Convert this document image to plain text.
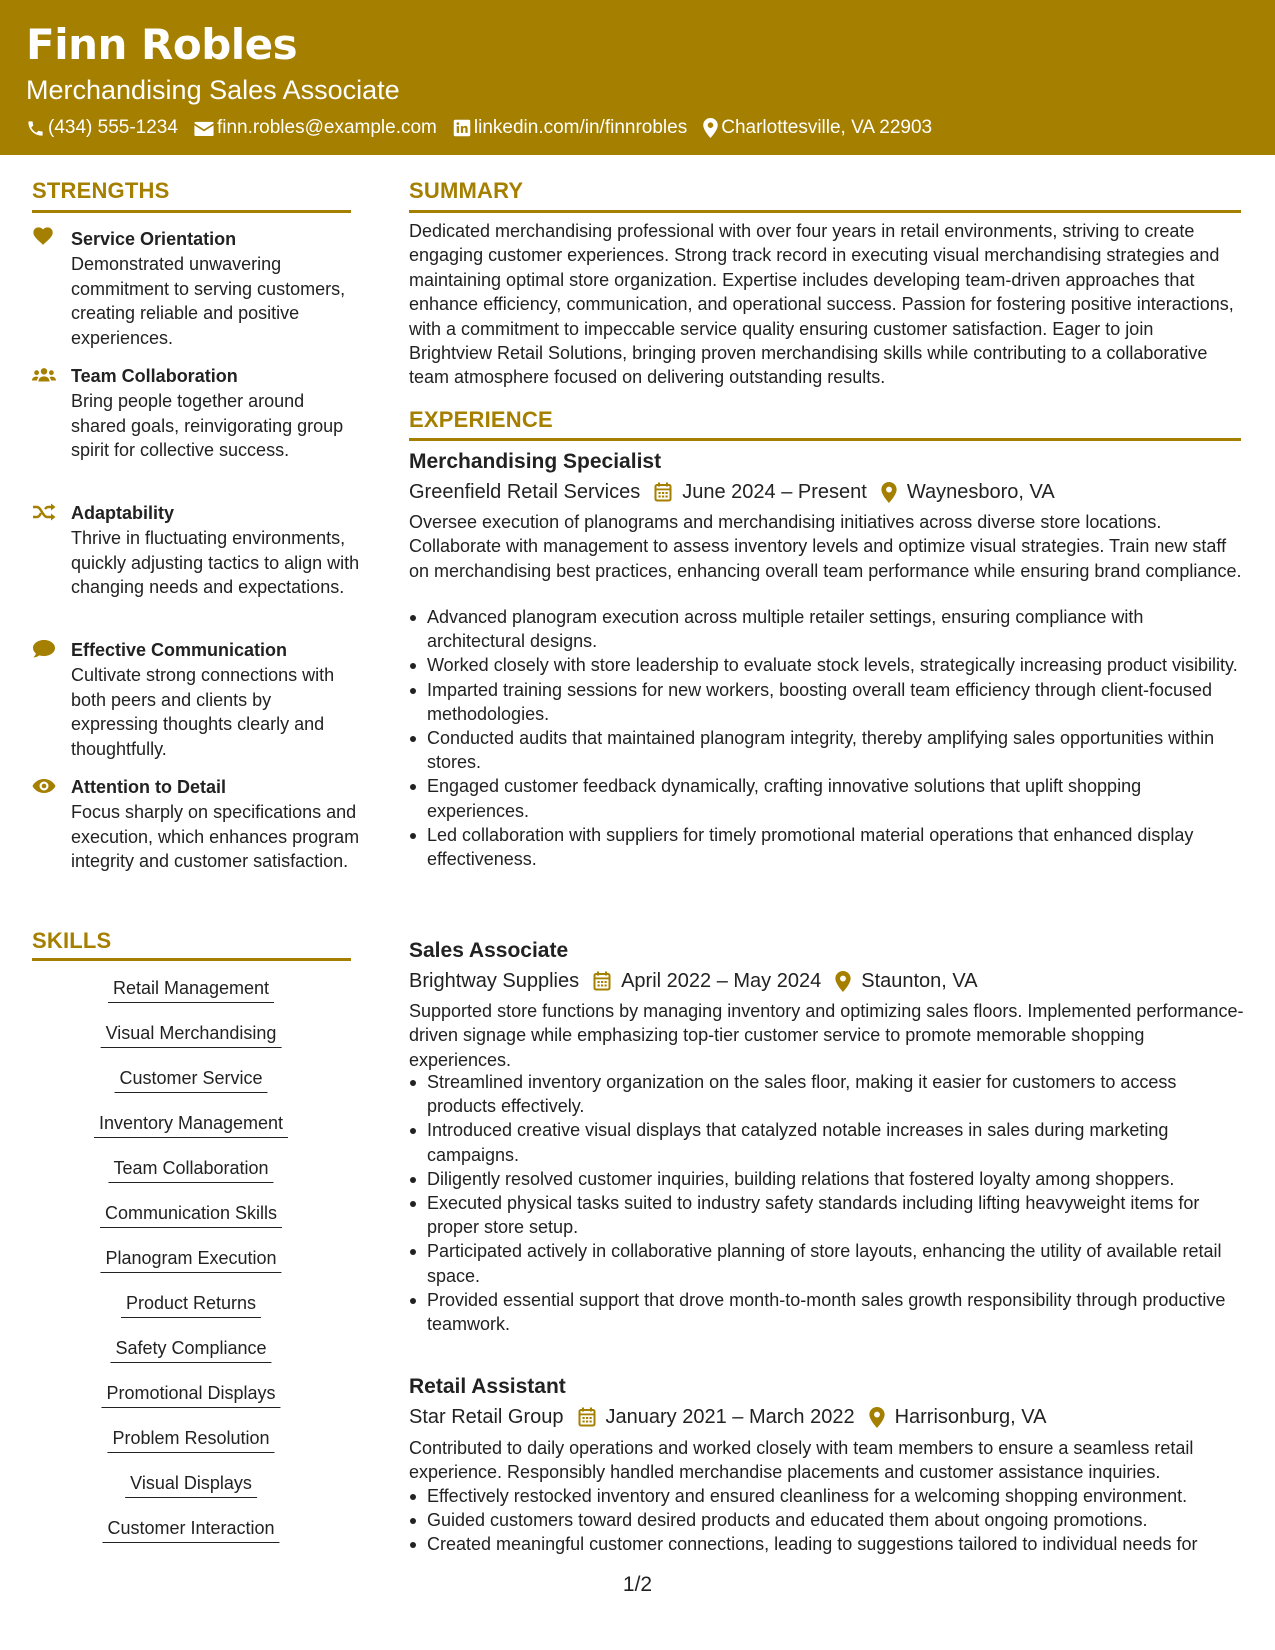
Finn Robles
Merchandising Sales Associate
(434) 555-1234 finn.robles@example.com linkedin.com/in/finnrobles Charlottesville, VA 22903
STRENGTHS
Service Orientation
Demonstrated unwavering commitment to serving customers, creating reliable and positive experiences.
Team Collaboration
Bring people together around shared goals, reinvigorating group spirit for collective success.
Adaptability
Thrive in fluctuating environments, quickly adjusting tactics to align with changing needs and expectations.
Effective Communication
Cultivate strong connections with both peers and clients by expressing thoughts clearly and thoughtfully.
Attention to Detail
Focus sharply on specifications and execution, which enhances program integrity and customer satisfaction.
SKILLS
Retail Management
Visual Merchandising
Customer Service
Inventory Management
Team Collaboration
Communication Skills
Planogram Execution
Product Returns
Safety Compliance
Promotional Displays
Problem Resolution
Visual Displays
Customer Interaction
SUMMARY
Dedicated merchandising professional with over four years in retail environments, striving to create engaging customer experiences. Strong track record in executing visual merchandising strategies and maintaining optimal store organization. Expertise includes developing team-driven approaches that enhance efficiency, communication, and operational success. Passion for fostering positive interactions, with a commitment to impeccable service quality ensuring customer satisfaction. Eager to join Brightview Retail Solutions, bringing proven merchandising skills while contributing to a collaborative team atmosphere focused on delivering outstanding results.
EXPERIENCE
Merchandising Specialist
Greenfield Retail Services June 2024 – Present Waynesboro, VA
Oversee execution of planograms and merchandising initiatives across diverse store locations. Collaborate with management to assess inventory levels and optimize visual strategies. Train new staff on merchandising best practices, enhancing overall team performance while ensuring brand compliance.
Advanced planogram execution across multiple retailer settings, ensuring compliance with architectural designs.
Worked closely with store leadership to evaluate stock levels, strategically increasing product visibility.
Imparted training sessions for new workers, boosting overall team efficiency through client-focused methodologies.
Conducted audits that maintained planogram integrity, thereby amplifying sales opportunities within stores.
Engaged customer feedback dynamically, crafting innovative solutions that uplift shopping experiences.
Led collaboration with suppliers for timely promotional material operations that enhanced display effectiveness.
Sales Associate
Brightway Supplies April 2022 – May 2024 Staunton, VA
Supported store functions by managing inventory and optimizing sales floors. Implemented performance-driven signage while emphasizing top-tier customer service to promote memorable shopping experiences.
Streamlined inventory organization on the sales floor, making it easier for customers to access products effectively.
Introduced creative visual displays that catalyzed notable increases in sales during marketing campaigns.
Diligently resolved customer inquiries, building relations that fostered loyalty among shoppers.
Executed physical tasks suited to industry safety standards including lifting heavyweight items for proper store setup.
Participated actively in collaborative planning of store layouts, enhancing the utility of available retail space.
Provided essential support that drove month-to-month sales growth responsibility through productive teamwork.
Retail Assistant
Star Retail Group January 2021 – March 2022 Harrisonburg, VA
Contributed to daily operations and worked closely with team members to ensure a seamless retail experience. Responsibly handled merchandise placements and customer assistance inquiries.
Effectively restocked inventory and ensured cleanliness for a welcoming shopping environment.
Guided customers toward desired products and educated them about ongoing promotions.
Created meaningful customer connections, leading to suggestions tailored to individual needs for
1/2
